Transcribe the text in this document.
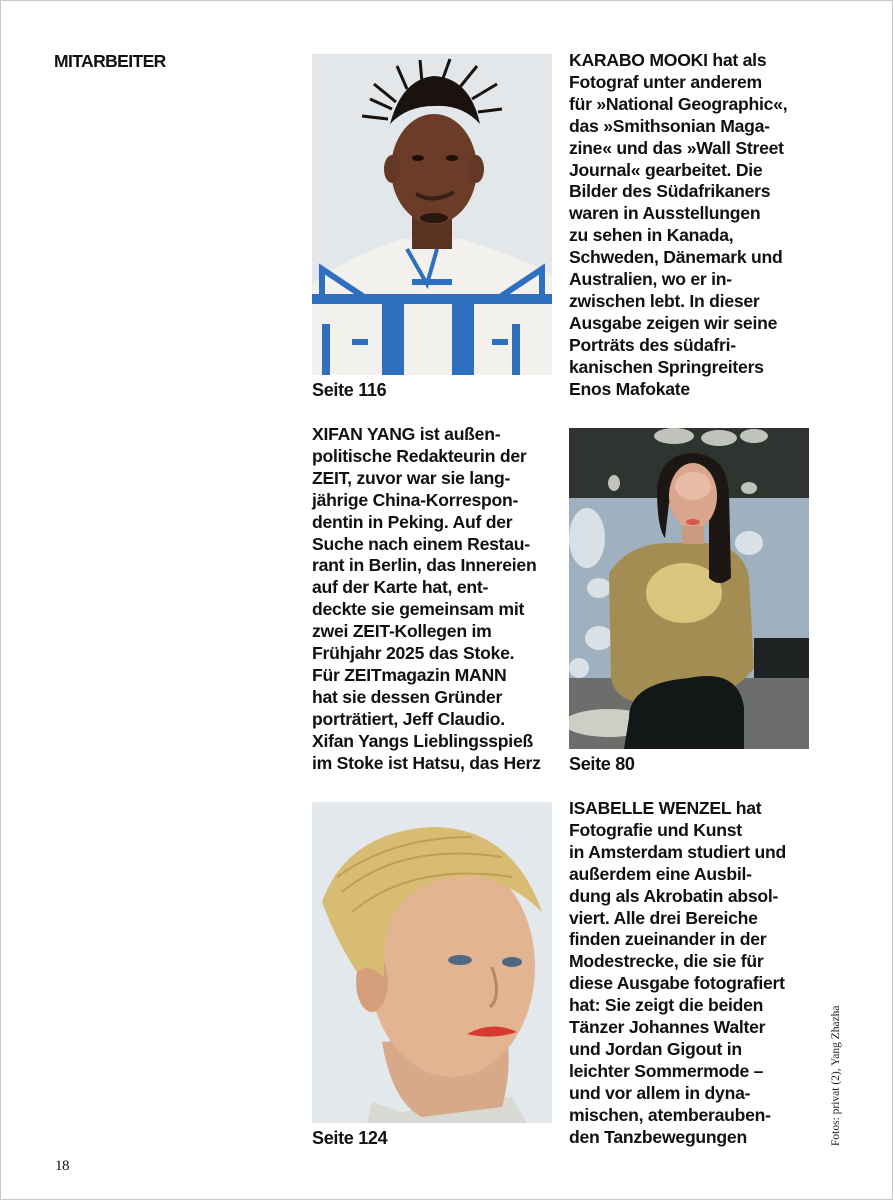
MITARBEITER
Seite 116
KARABO MOOKI hat als
Fotograf unter anderem
für »National Geographic«,
das »Smithsonian Maga-
zine« und das »Wall Street
Journal« gearbeitet. Die
Bilder des Südafrikaners
waren in Ausstellungen
zu sehen in Kanada,
Schweden, Dänemark und
Australien, wo er in-
zwischen lebt. In dieser
Ausgabe zeigen wir seine
Porträts des südafri-
kanischen Springreiters
Enos Mafokate
XIFAN YANG ist außen-
politische Redakteurin der
ZEIT, zuvor war sie lang-
jährige China-Korrespon-
dentin in Peking. Auf der
Suche nach einem Restau-
rant in Berlin, das Innereien
auf der Karte hat, ent-
deckte sie gemeinsam mit
zwei ZEIT-Kollegen im
Frühjahr 2025 das Stoke.
Für ZEITmagazin MANN
hat sie dessen Gründer
porträtiert, Jeff Claudio.
Xifan Yangs Lieblingsspieß
im Stoke ist Hatsu, das Herz	Seite 80
Seite 124
ISABELLE WENZEL hat
Fotografie und Kunst
in Amsterdam studiert und
außerdem eine Ausbil-
dung als Akrobatin absol-
viert. Alle drei Bereiche
finden zueinander in der
Modestrecke, die sie für
diese Ausgabe fotografiert
hat: Sie zeigt die beiden
Tänzer Johannes Walter
und Jordan Gigout in
leichter Sommermode –
und vor allem in dyna-
mischen, atemberauben-
den Tanzbewegungen	Fotos: privat (2), Yang Zhazha
18
